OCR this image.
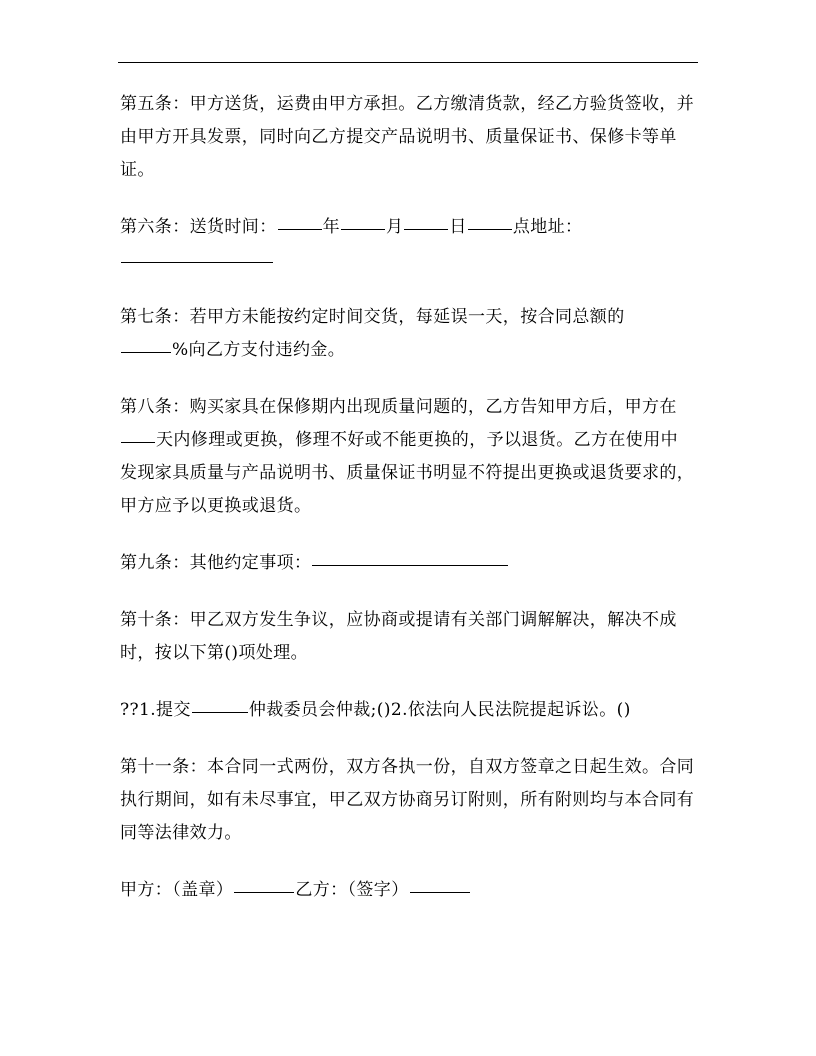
第五条：甲方送货，运费由甲方承担。乙方缴清货款，经乙方验货签收，并由甲方开具发票，同时向乙方提交产品说明书、质量保证书、保修卡等单证。

第六条：送货时间：	年	月	日	点地址：

第七条：若甲方未能按约定时间交货，每延误一天，按合同总额的
%向乙方支付违约金。

第八条：购买家具在保修期内出现质量问题的，乙方告知甲方后，甲方在天内修理或更换，修理不好或不能更换的，予以退货。乙方在使用中发现家具质量与产品说明书、质量保证书明显不符提出更换或退货要求的，甲方应予以更换或退货。

第九条：其他约定事项：

第十条：甲乙双方发生争议，应协商或提请有关部门调解解决，解决不成时，按以下第()项处理。

??1.提交	仲裁委员会仲裁;()2.依法向人民法院提起诉讼。()

第十一条：本合同一式两份，双方各执一份，自双方签章之日起生效。合同执行期间，如有未尽事宜，甲乙双方协商另订附则，所有附则均与本合同有同等法律效力。

甲方：（盖章）	乙方：（签字）
